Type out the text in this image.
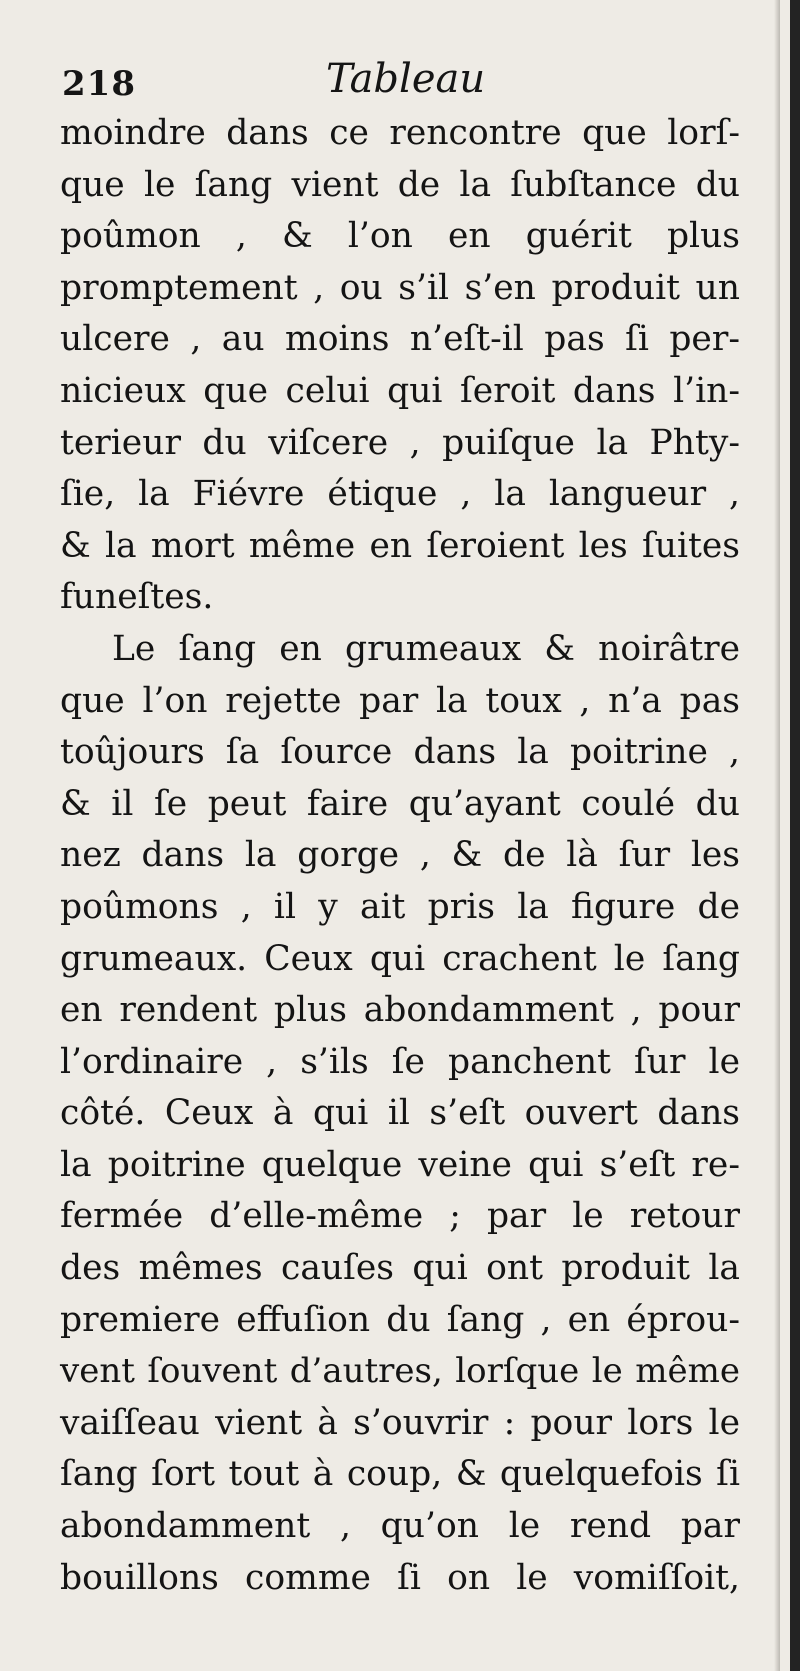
218	Tableau
moindre dans ce rencontre que lorſ-
que le ſang vient de la ſubſtance du
poûmon , & l’on en guérit plus
promptement , ou s’il s’en produit un
ulcere , au moins n’eſt-il pas ſi per-
nicieux que celui qui ſeroit dans l’in-
terieur du viſcere , puiſque la Phty-
ſie, la Fiévre étique , la langueur ,
& la mort même en ſeroient les ſuites
funeſtes.
Le ſang en grumeaux & noirâtre
que l’on rejette par la toux , n’a pas
toûjours ſa ſource dans la poitrine ,
& il ſe peut faire qu’ayant coulé du
nez dans la gorge , & de là ſur les
poûmons , il y ait pris la figure de
grumeaux. Ceux qui crachent le ſang
en rendent plus abondamment , pour
l’ordinaire , s’ils ſe panchent ſur le
côté. Ceux à qui il s’eſt ouvert dans
la poitrine quelque veine qui s’eſt re-
fermée d’elle-même ; par le retour
des mêmes cauſes qui ont produit la
premiere effuſion du ſang , en éprou-
vent ſouvent d’autres, lorſque le même
vaiſſeau vient à s’ouvrir : pour lors le
ſang ſort tout à coup, & quelquefois ſi
abondamment , qu’on le rend par
bouillons comme ſi on le vomiſſoit,
